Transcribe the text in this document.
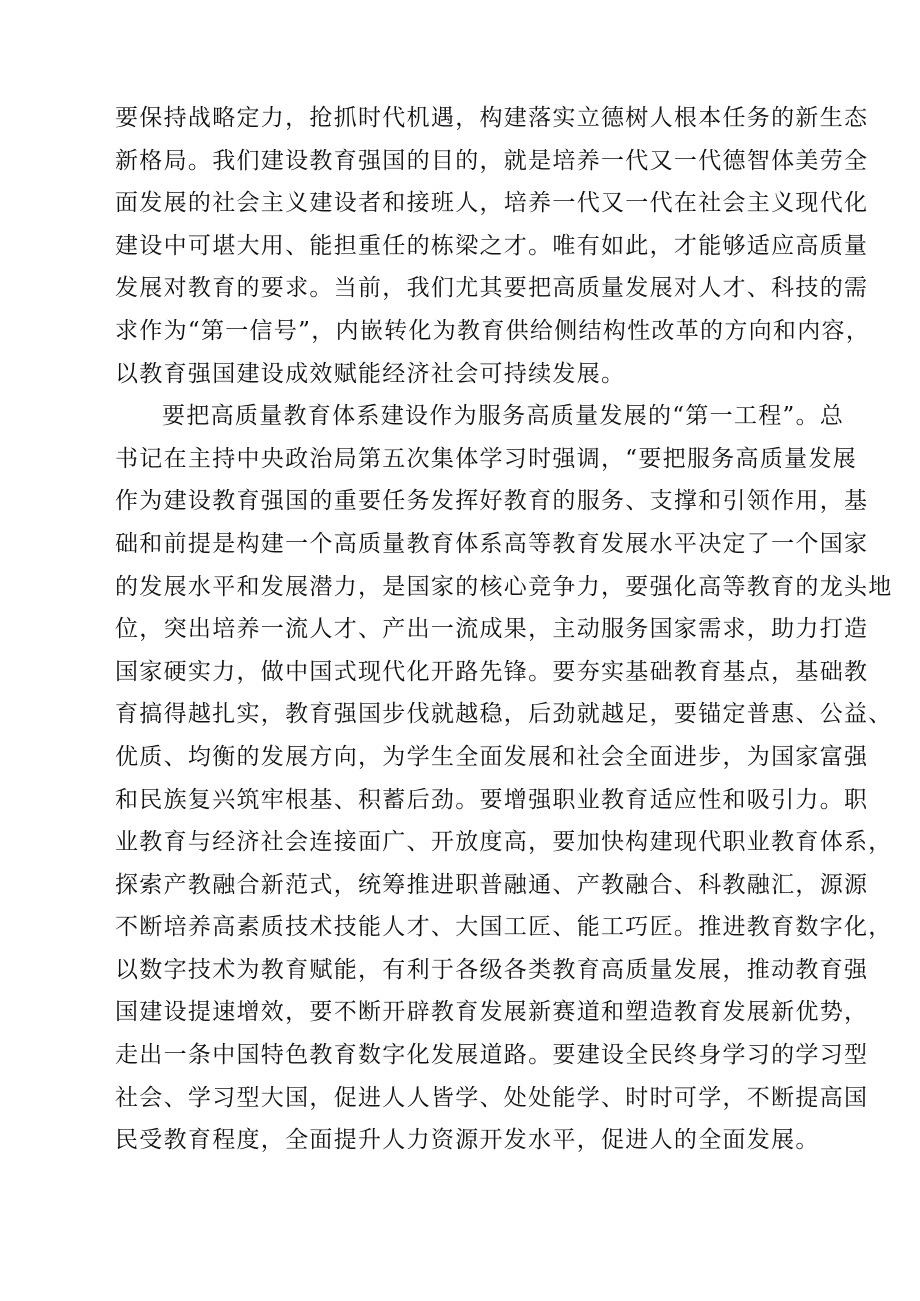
要保持战略定力，抢抓时代机遇，构建落实立德树人根本任务的新生态
新格局。我们建设教育强国的目的，就是培养一代又一代德智体美劳全
面发展的社会主义建设者和接班人，培养一代又一代在社会主义现代化
建设中可堪大用、能担重任的栋梁之才。唯有如此，才能够适应高质量
发展对教育的要求。当前，我们尤其要把高质量发展对人才、科技的需
求作为“第一信号”，内嵌转化为教育供给侧结构性改革的方向和内容，
以教育强国建设成效赋能经济社会可持续发展。
要把高质量教育体系建设作为服务高质量发展的“第一工程”。总
书记在主持中央政治局第五次集体学习时强调，“要把服务高质量发展
作为建设教育强国的重要任务发挥好教育的服务、支撑和引领作用，基
础和前提是构建一个高质量教育体系高等教育发展水平决定了一个国家
的发展水平和发展潜力，是国家的核心竞争力，要强化高等教育的龙头地
位，突出培养一流人才、产出一流成果，主动服务国家需求，助力打造
国家硬实力，做中国式现代化开路先锋。要夯实基础教育基点，基础教
育搞得越扎实，教育强国步伐就越稳，后劲就越足，要锚定普惠、公益、
优质、均衡的发展方向，为学生全面发展和社会全面进步，为国家富强
和民族复兴筑牢根基、积蓄后劲。要增强职业教育适应性和吸引力。职
业教育与经济社会连接面广、开放度高，要加快构建现代职业教育体系，
探索产教融合新范式，统筹推进职普融通、产教融合、科教融汇，源源
不断培养高素质技术技能人才、大国工匠、能工巧匠。推进教育数字化，
以数字技术为教育赋能，有利于各级各类教育高质量发展，推动教育强
国建设提速增效，要不断开辟教育发展新赛道和塑造教育发展新优势，
走出一条中国特色教育数字化发展道路。要建设全民终身学习的学习型
社会、学习型大国，促进人人皆学、处处能学、时时可学，不断提高国
民受教育程度，全面提升人力资源开发水平，促进人的全面发展。
